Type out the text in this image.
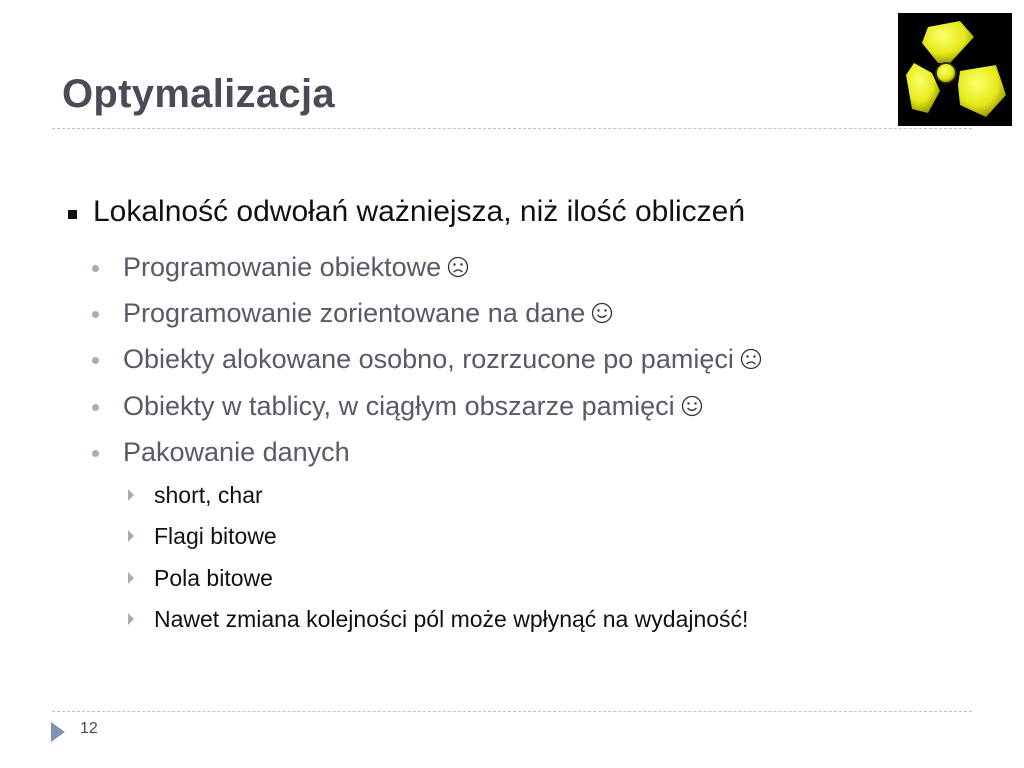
Optymalizacja
Lokalność odwołań ważniejsza, niż ilość obliczeń
Programowanie obiektowe
Programowanie zorientowane na dane
Obiekty alokowane osobno, rozrzucone po pamięci
Obiekty w tablicy, w ciągłym obszarze pamięci
Pakowanie danych
short, char
Flagi bitowe
Pola bitowe
Nawet zmiana kolejności pól może wpłynąć na wydajność!
12
